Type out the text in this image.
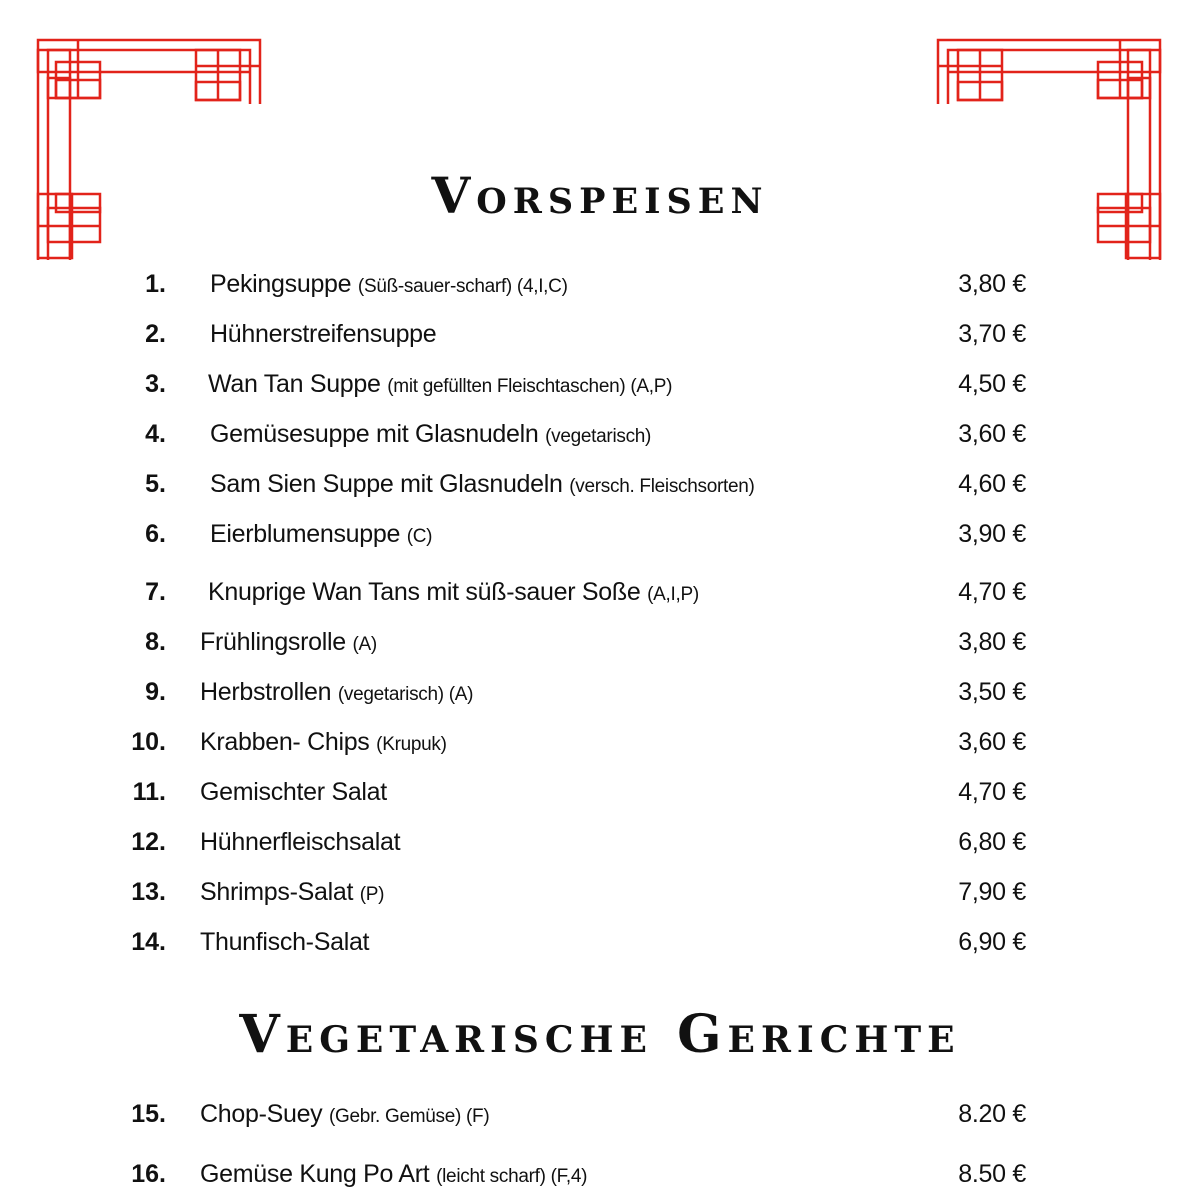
Vorspeisen
Vegetarische Gerichte
1. Pekingsuppe (Süß-sauer-scharf) (4,I,C)	3,80 €
2. Hühnerstreifensuppe	3,70 €
3. Wan Tan Suppe (mit gefüllten Fleischtaschen) (A,P)	4,50 €
4. Gemüsesuppe mit Glasnudeln (vegetarisch)	3,60 €
5. Sam Sien Suppe mit Glasnudeln (versch. Fleischsorten)	4,60 €
6. Eierblumensuppe (C)	3,90 €
7. Knuprige Wan Tans mit süß-sauer Soße (A,I,P)	4,70 €
8. Frühlingsrolle (A)	3,80 €
9. Herbstrollen (vegetarisch) (A)	3,50 €
10. Krabben- Chips (Krupuk)	3,60 €
11. Gemischter Salat	4,70 €
12. Hühnerfleischsalat	6,80 €
13. Shrimps-Salat (P)	7,90 €
14. Thunfisch-Salat	6,90 €
15. Chop-Suey (Gebr. Gemüse) (F)	8.20 €
16. Gemüse Kung Po Art (leicht scharf) (F,4)	8.50 €
